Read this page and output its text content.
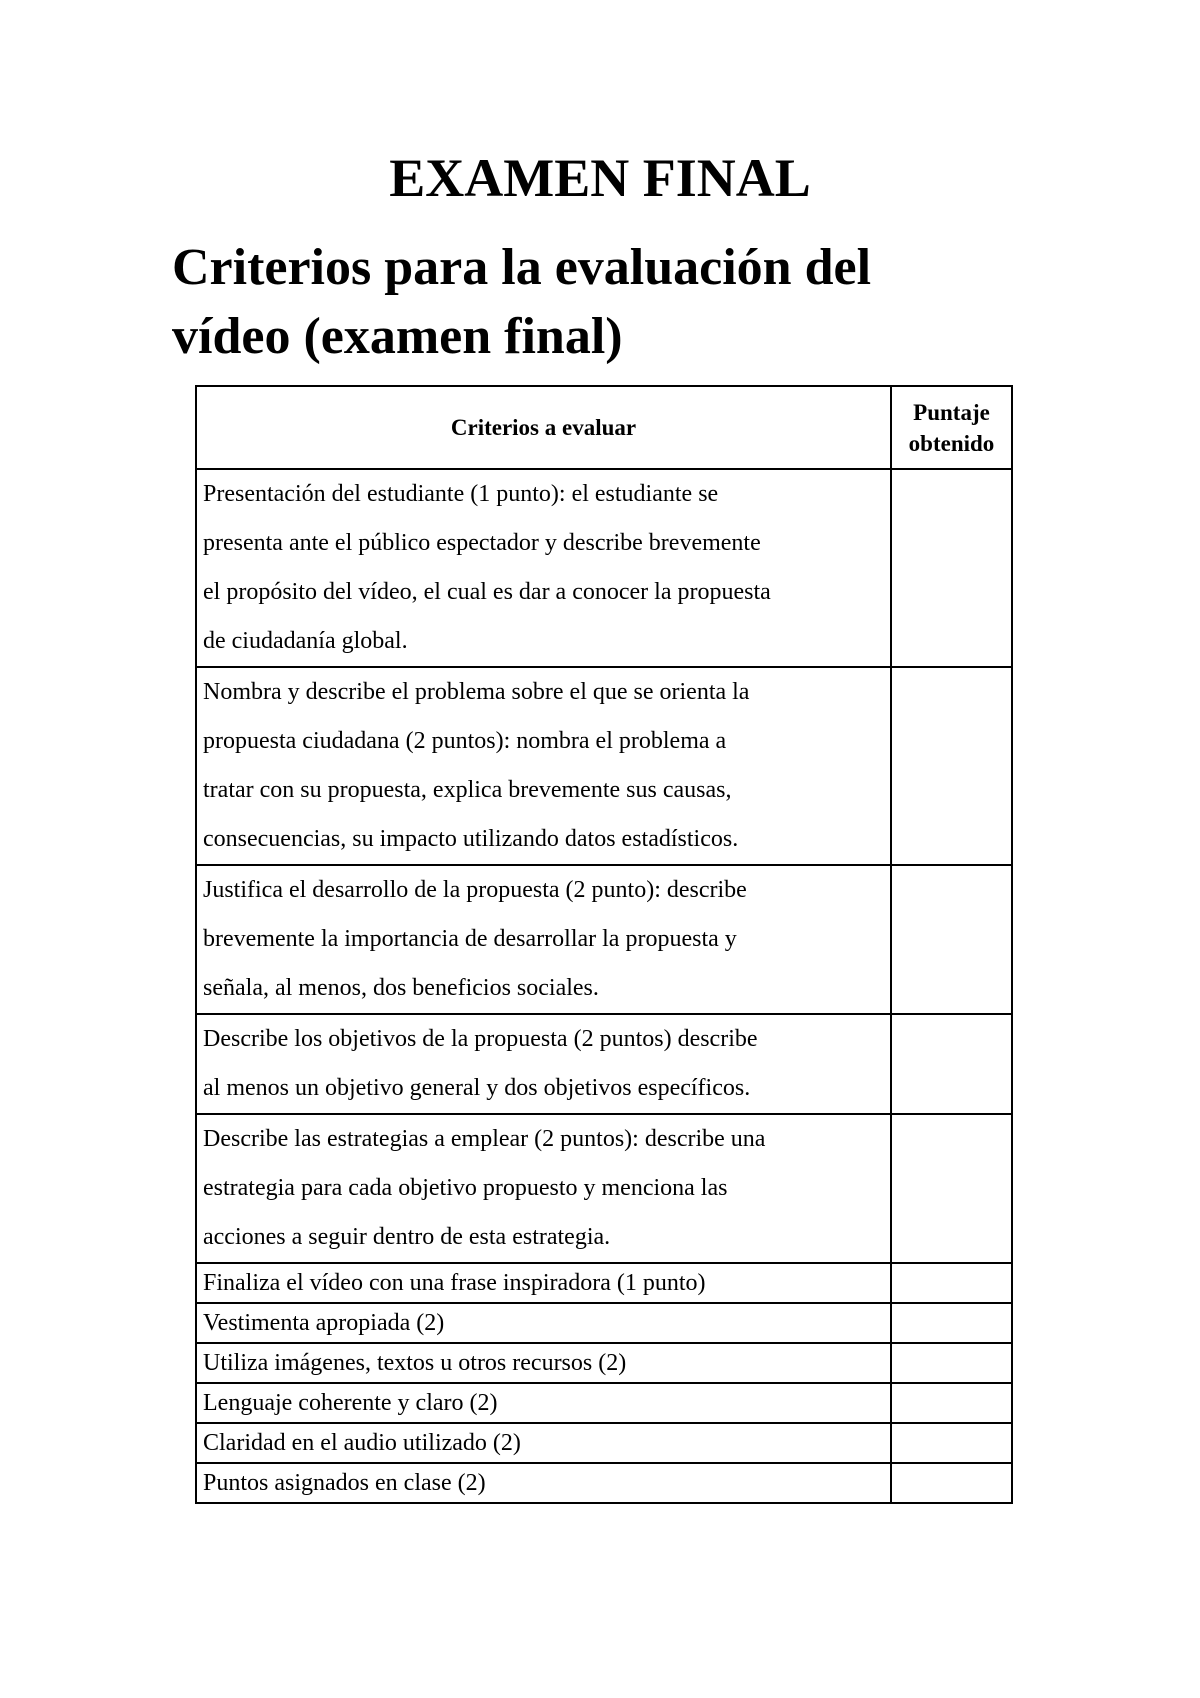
EXAMEN FINAL
Criterios para la evaluación del
vídeo (examen final)
Criterios a evaluar	Puntaje
obtenido
Presentación del estudiante (1 punto): el estudiante se
presenta ante el público espectador y describe brevemente
el propósito del vídeo, el cual es dar a conocer la propuesta
de ciudadanía global.	
Nombra y describe el problema sobre el que se orienta la
propuesta ciudadana (2 puntos): nombra el problema a
tratar con su propuesta, explica brevemente sus causas,
consecuencias, su impacto utilizando datos estadísticos.	
Justifica el desarrollo de la propuesta (2 punto): describe
brevemente la importancia de desarrollar la propuesta y
señala, al menos, dos beneficios sociales.	
Describe los objetivos de la propuesta (2 puntos) describe
al menos un objetivo general y dos objetivos específicos.	
Describe las estrategias a emplear (2 puntos): describe una
estrategia para cada objetivo propuesto y menciona las
acciones a seguir dentro de esta estrategia.	
Finaliza el vídeo con una frase inspiradora (1 punto)	
Vestimenta apropiada (2)	
Utiliza imágenes, textos u otros recursos (2)	
Lenguaje coherente y claro (2)	
Claridad en el audio utilizado (2)	
Puntos asignados en clase (2)	
